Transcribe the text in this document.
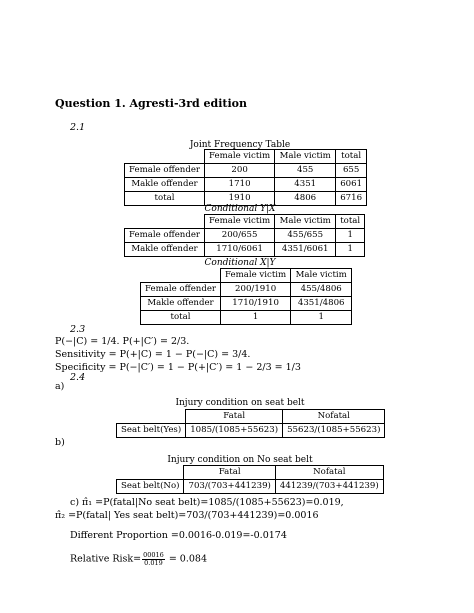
Question 1. Agresti-3rd edition
2.1
Joint Frequency Table
	Female victim	Male victim	total
Female offender	200	455	655
Makle offender	1710	4351	6061
total	1910	4806	6716
Conditional Y|X
	Female victim	Male victim	total
Female offender	200/655	455/655	1
Makle offender	1710/6061	4351/6061	1
Conditional X|Y
	Female victim	Male victim
Female offender	200/1910	455/4806
Makle offender	1710/1910	4351/4806
total	1	1
2.3
P(−|C) = 1/4. P(+|C′) = 2/3.
Sensitivity = P(+|C) = 1 − P(−|C) = 3/4.
Specificity = P(−|C′) = 1 − P(+|C′) = 1 − 2/3 = 1/3
2.4
a)
Injury condition on seat belt
	Fatal	Nofatal
Seat belt(Yes)	1085/(1085+55623)	55623/(1085+55623)
b)
Injury condition on No seat belt
	Fatal	Nofatal
Seat belt(No)	703/(703+441239)	441239/(703+441239)
c) π̂₁ =P(fatal|No seat belt)=1085/(1085+55623)=0.019,
π̂₂ =P(fatal| Yes seat belt)=703/(703+441239)=0.0016
Different Proportion =0.0016-0.019=-0.0174
Relative Risk= $\frac{00016}{0.019} = 0.084$
